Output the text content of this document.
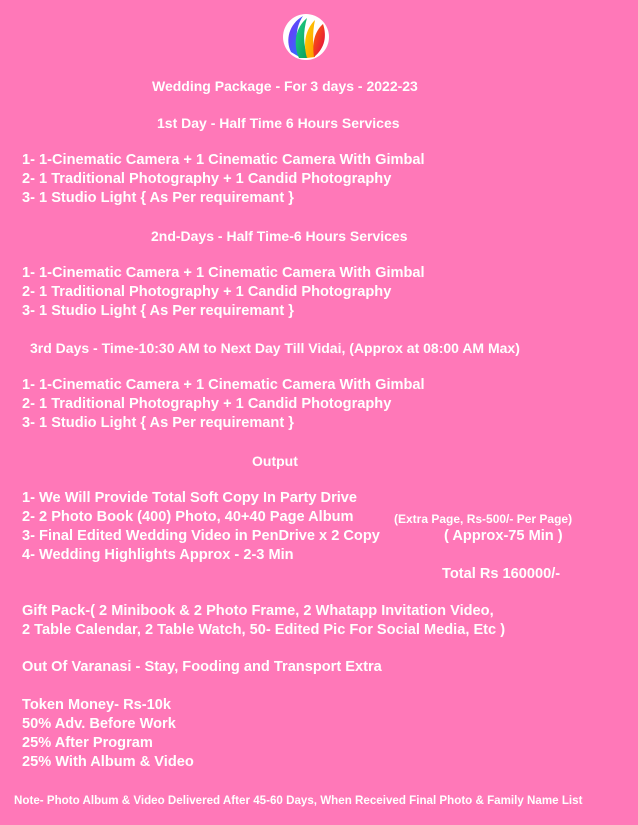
Wedding Package - For 3 days - 2022-23
1st Day - Half Time 6 Hours Services
1- 1-Cinematic Camera + 1 Cinematic Camera With Gimbal
2- 1 Traditional Photography + 1 Candid Photography
3- 1 Studio Light { As Per requiremant }
2nd-Days - Half Time-6 Hours Services
1- 1-Cinematic Camera + 1 Cinematic Camera With Gimbal
2- 1 Traditional Photography + 1 Candid Photography
3- 1 Studio Light { As Per requiremant }
3rd Days - Time-10:30 AM to Next Day Till Vidai, (Approx at 08:00 AM Max)
1- 1-Cinematic Camera + 1 Cinematic Camera With Gimbal
2- 1 Traditional Photography + 1 Candid Photography
3- 1 Studio Light { As Per requiremant }
Output
1- We Will Provide Total Soft Copy In Party Drive
2- 2 Photo Book (400) Photo, 40+40 Page Album	(Extra Page, Rs-500/- Per Page)
3- Final Edited Wedding Video in PenDrive x 2 Copy	( Approx-75 Min )
4- Wedding Highlights Approx - 2-3 Min
Total Rs 160000/-
Gift Pack-( 2 Minibook & 2 Photo Frame, 2 Whatapp Invitation Video,
2 Table Calendar, 2 Table Watch, 50- Edited Pic For Social Media, Etc )
Out Of Varanasi - Stay, Fooding and Transport Extra
Token Money- Rs-10k
50% Adv. Before Work
25% After Program
25% With Album & Video
Note- Photo Album & Video Delivered After 45-60 Days, When Received Final Photo & Family Name List
